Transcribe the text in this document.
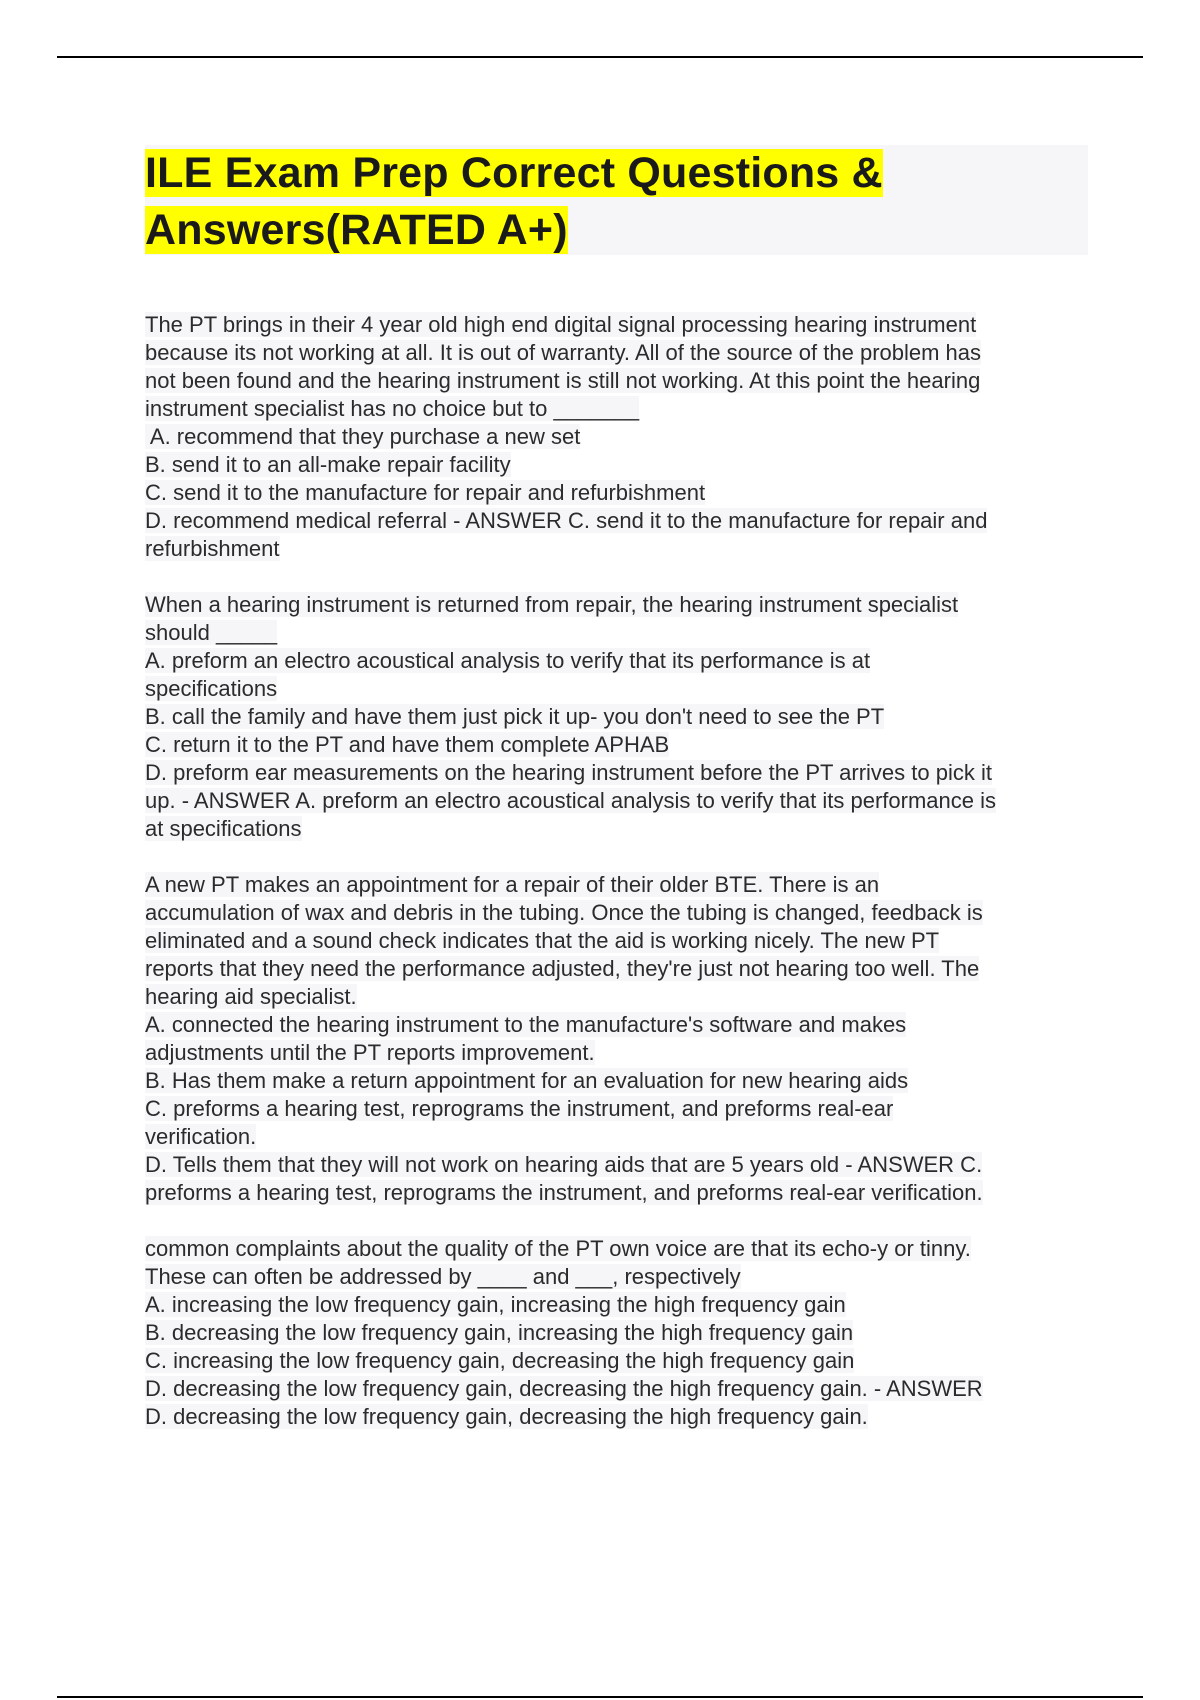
ILE Exam Prep Correct Questions &
Answers(RATED A+)
The PT brings in their 4 year old high end digital signal processing hearing instrument
because its not working at all. It is out of warranty. All of the source of the problem has
not been found and the hearing instrument is still not working. At this point the hearing
instrument specialist has no choice but to _______
A. recommend that they purchase a new set
B. send it to an all-make repair facility
C. send it to the manufacture for repair and refurbishment
D. recommend medical referral - ANSWER C. send it to the manufacture for repair and
refurbishment
When a hearing instrument is returned from repair, the hearing instrument specialist
should _____
A. preform an electro acoustical analysis to verify that its performance is at
specifications
B. call the family and have them just pick it up- you don't need to see the PT
C. return it to the PT and have them complete APHAB
D. preform ear measurements on the hearing instrument before the PT arrives to pick it
up. - ANSWER A. preform an electro acoustical analysis to verify that its performance is
at specifications
A new PT makes an appointment for a repair of their older BTE. There is an
accumulation of wax and debris in the tubing. Once the tubing is changed, feedback is
eliminated and a sound check indicates that the aid is working nicely. The new PT
reports that they need the performance adjusted, they're just not hearing too well. The
hearing aid specialist.
A. connected the hearing instrument to the manufacture's software and makes
adjustments until the PT reports improvement.
B. Has them make a return appointment for an evaluation for new hearing aids
C. preforms a hearing test, reprograms the instrument, and preforms real-ear
verification.
D. Tells them that they will not work on hearing aids that are 5 years old - ANSWER C.
preforms a hearing test, reprograms the instrument, and preforms real-ear verification.
common complaints about the quality of the PT own voice are that its echo-y or tinny.
These can often be addressed by ____ and ___, respectively
A. increasing the low frequency gain, increasing the high frequency gain
B. decreasing the low frequency gain, increasing the high frequency gain
C. increasing the low frequency gain, decreasing the high frequency gain
D. decreasing the low frequency gain, decreasing the high frequency gain. - ANSWER
D. decreasing the low frequency gain, decreasing the high frequency gain.
